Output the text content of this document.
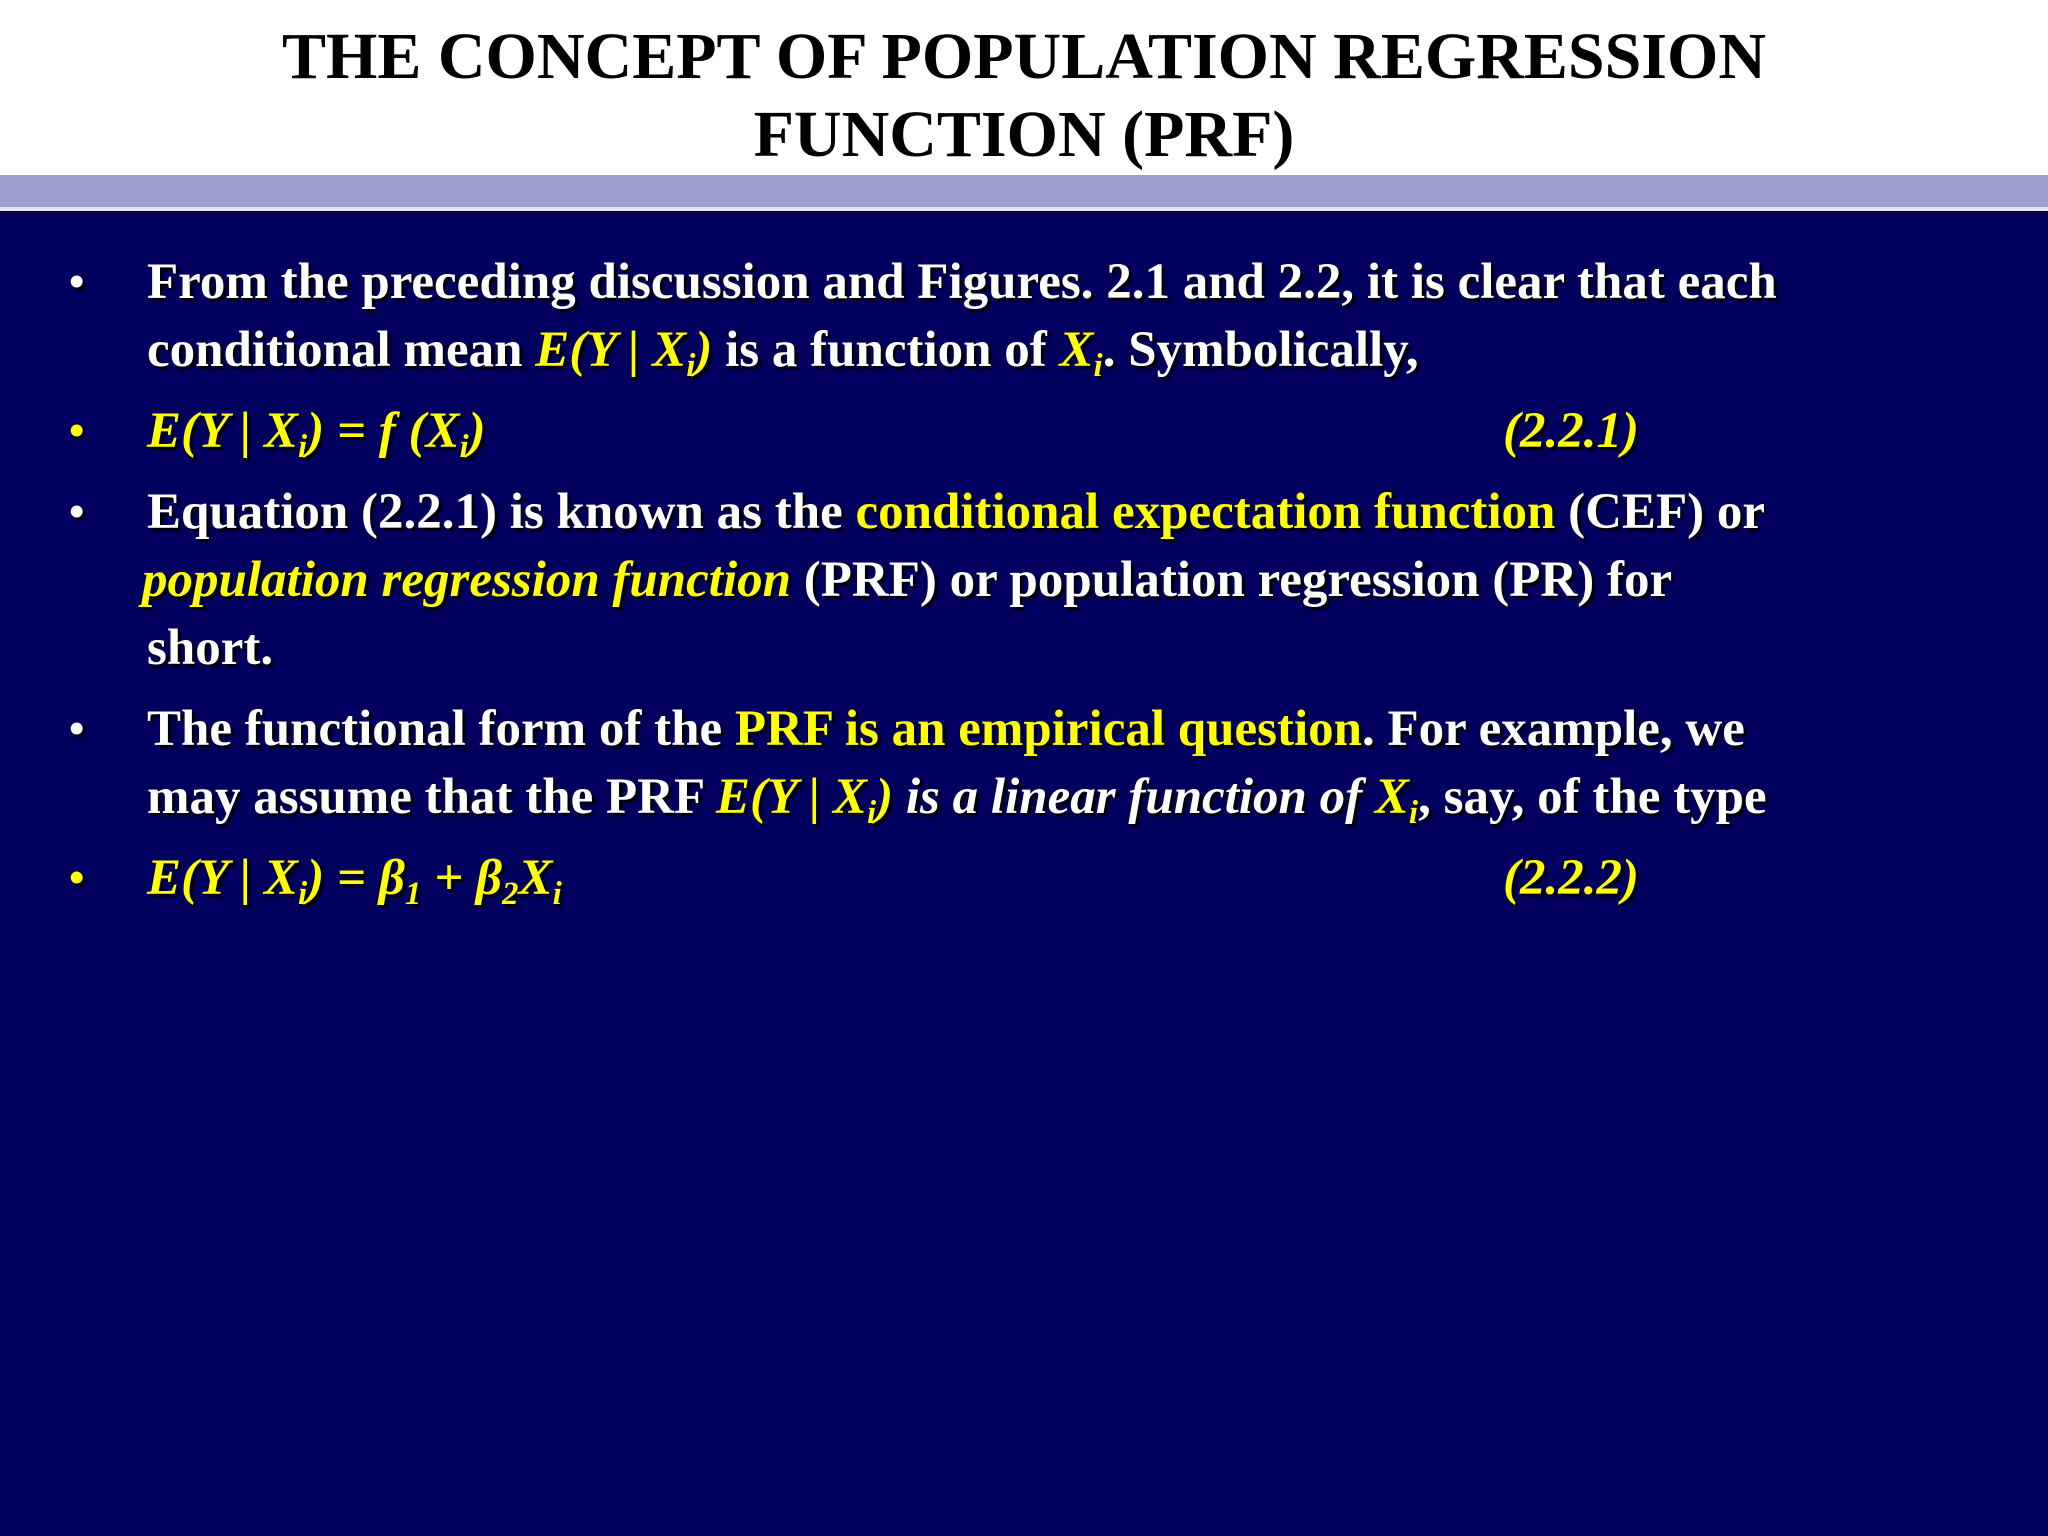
THE CONCEPT OF POPULATION REGRESSION
FUNCTION (PRF)
• From the preceding discussion and Figures. 2.1 and 2.2, it is clear that each
conditional mean E(Y | $X_i$) is a function of $X_i$. Symbolically,
• E(Y | $X_i) = f$ $(X_i)$	(2.2.1)
• Equation (2.2.1) is known as the conditional expectation function (CEF) or
population regression function (PRF) or population regression (PR) for
short.
• The functional form of the PRF is an empirical question. For example, we
may assume that the PRF E(Y | $X_i$) is a linear function of $X_i$, say, of the type
• E(Y | $X_i) = \beta_1 + \beta_2X_i$	(2.2.2)
